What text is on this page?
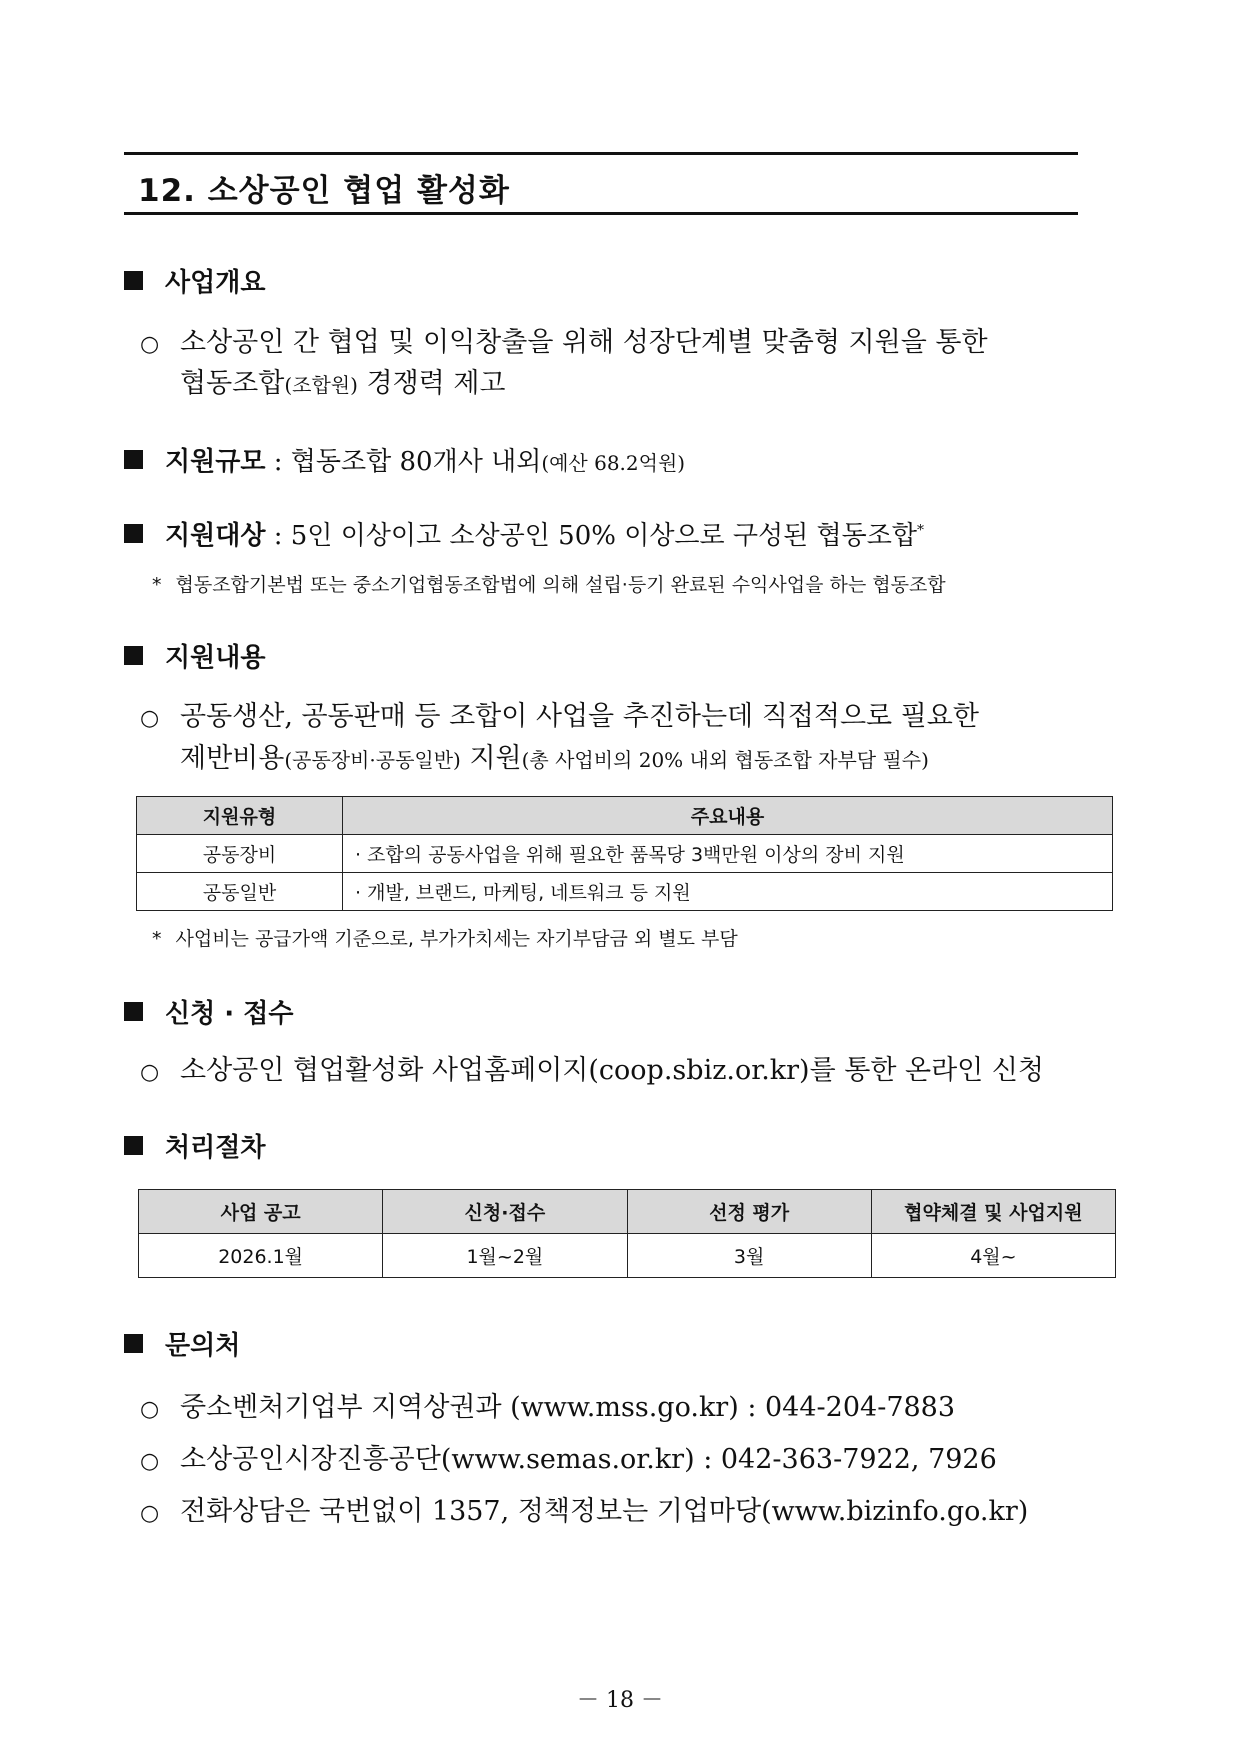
12. 소상공인 협업 활성화
사업개요
○ 소상공인 간 협업 및 이익창출을 위해 성장단계별 맞춤형 지원을 통한
협동조합(조합원) 경쟁력 제고
지원규모 : 협동조합 80개사 내외(예산 68.2억원)
지원대상 : 5인 이상이고 소상공인 50% 이상으로 구성된 협동조합*
* 협동조합기본법 또는 중소기업협동조합법에 의해 설립·등기 완료된 수익사업을 하는 협동조합
지원내용
○ 공동생산, 공동판매 등 조합이 사업을 추진하는데 직접적으로 필요한
제반비용(공동장비·공동일반) 지원(총 사업비의 20% 내외 협동조합 자부담 필수)
지원유형	주요내용
공동장비	· 조합의 공동사업을 위해 필요한 품목당 3백만원 이상의 장비 지원
공동일반	· 개발, 브랜드, 마케팅, 네트워크 등 지원
* 사업비는 공급가액 기준으로, 부가가치세는 자기부담금 외 별도 부담
신청 · 접수
○ 소상공인 협업활성화 사업홈페이지(coop.sbiz.or.kr)를 통한 온라인 신청
처리절차
사업 공고	신청·접수	선정 평가	협약체결 및 사업지원
2026.1월	1월~2월	3월	4월~
문의처
○ 중소벤처기업부 지역상권과 (www.mss.go.kr) : 044-204-7883
○ 소상공인시장진흥공단(www.semas.or.kr) : 042-363-7922, 7926
○ 전화상담은 국번없이 1357, 정책정보는 기업마당(www.bizinfo.go.kr)
－ 18 －
